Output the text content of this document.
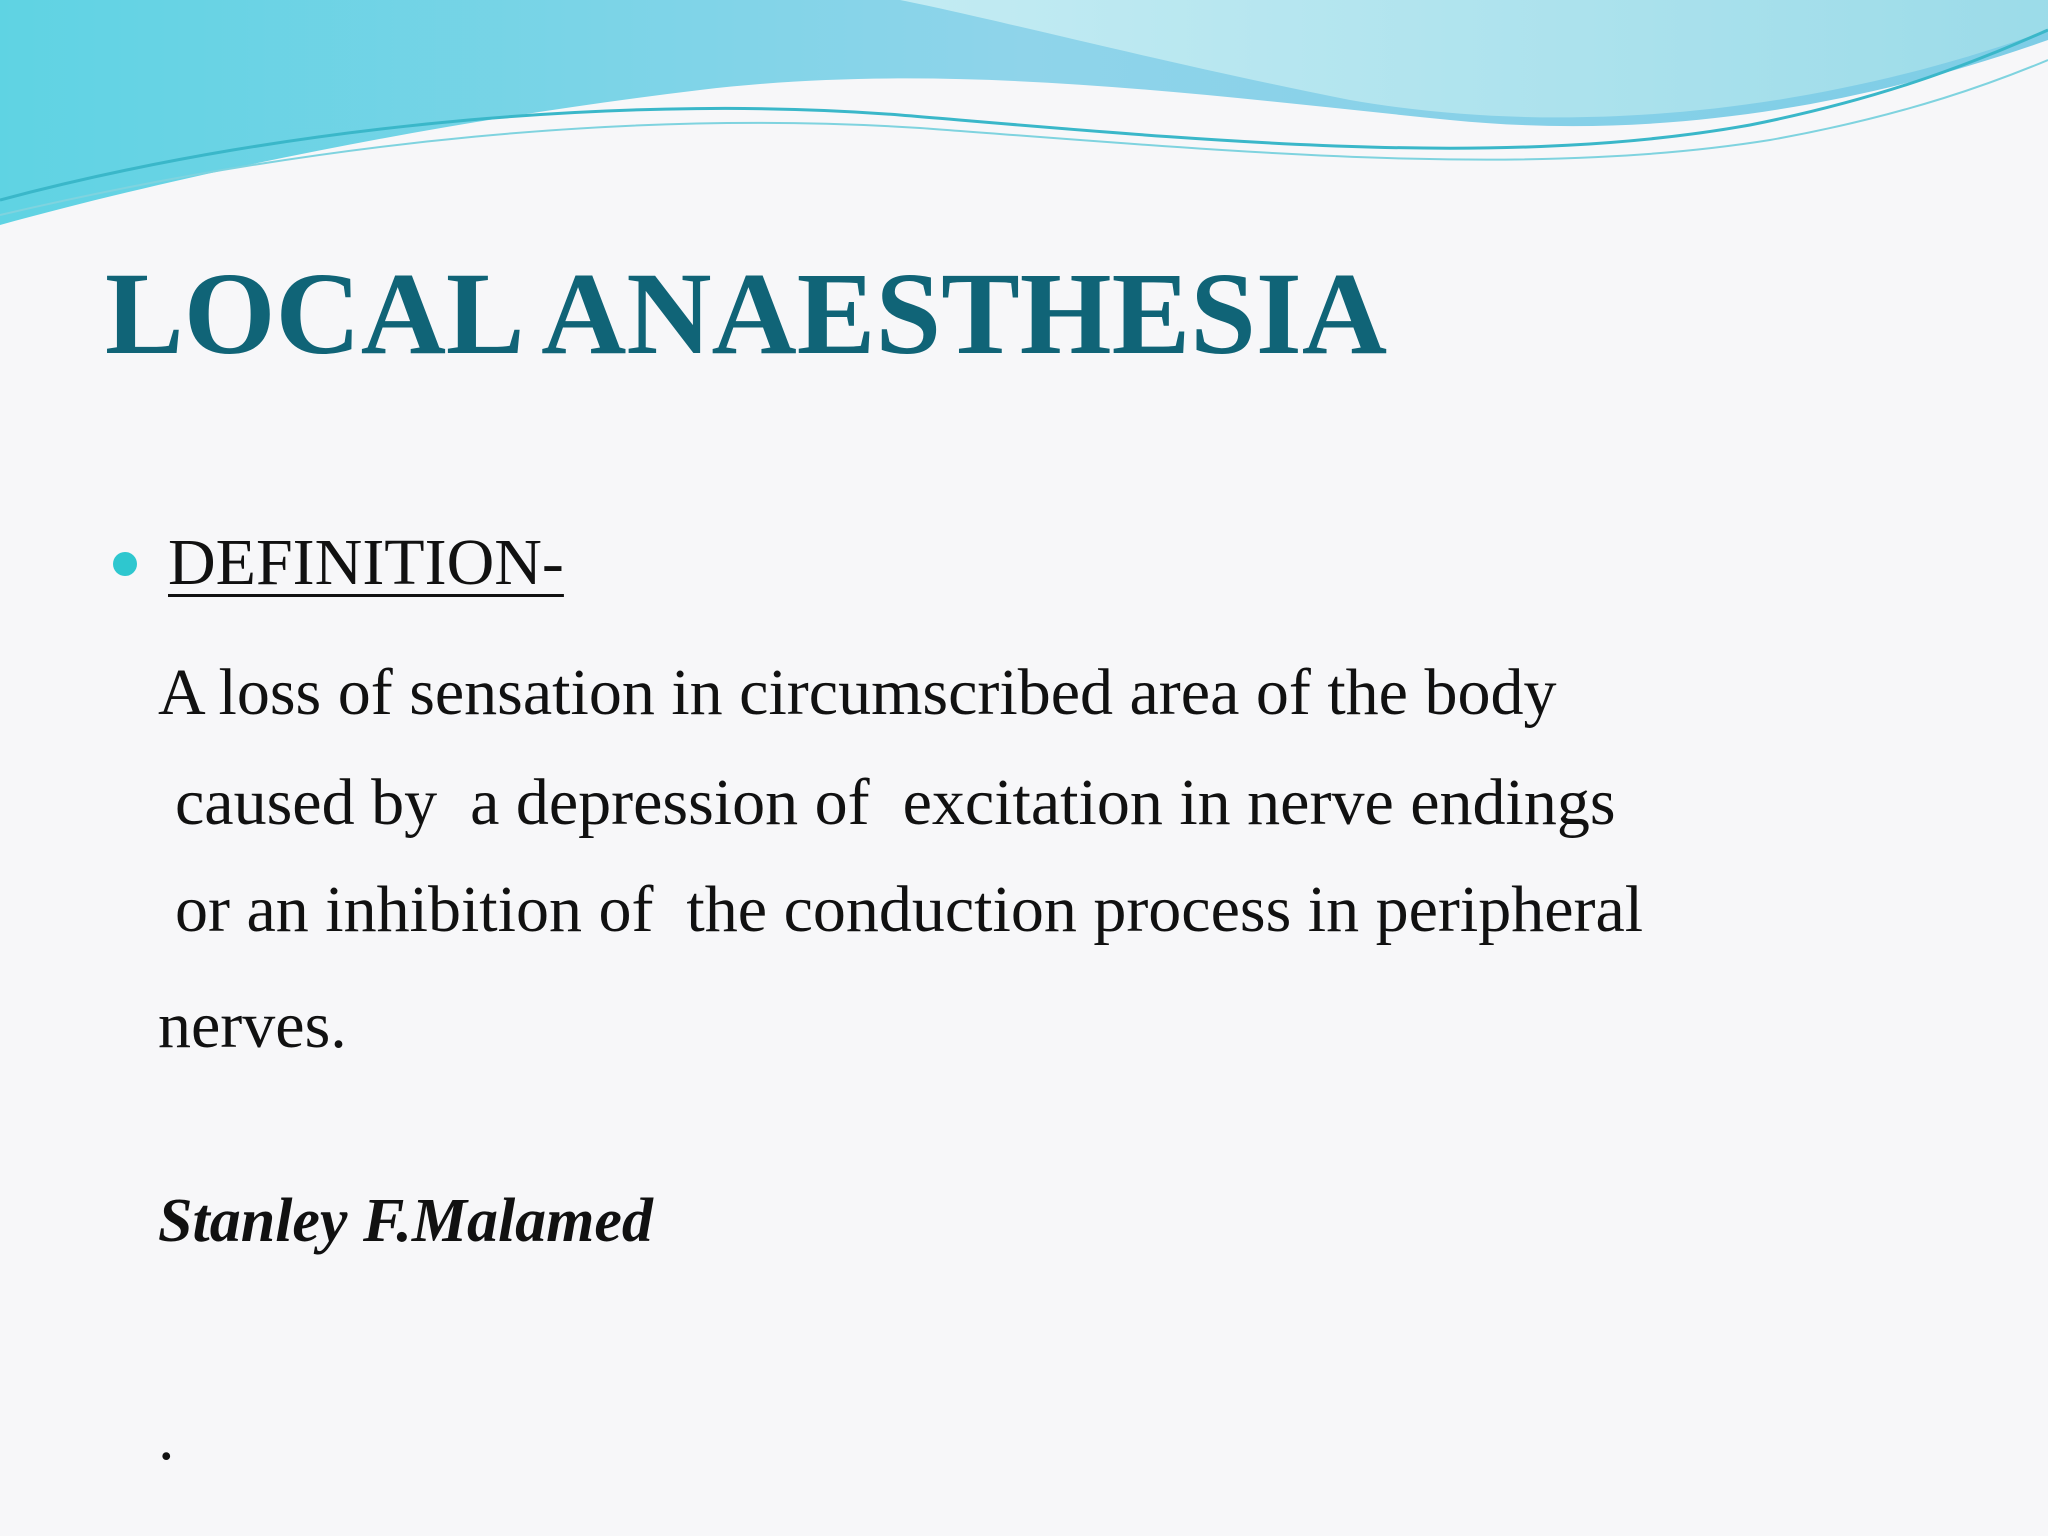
LOCAL ANAESTHESIA
DEFINITION-
A loss of sensation in circumscribed area of the body
caused by  a depression of  excitation in nerve endings
or an inhibition of  the conduction process in peripheral
nerves.
Stanley F.Malamed
.
